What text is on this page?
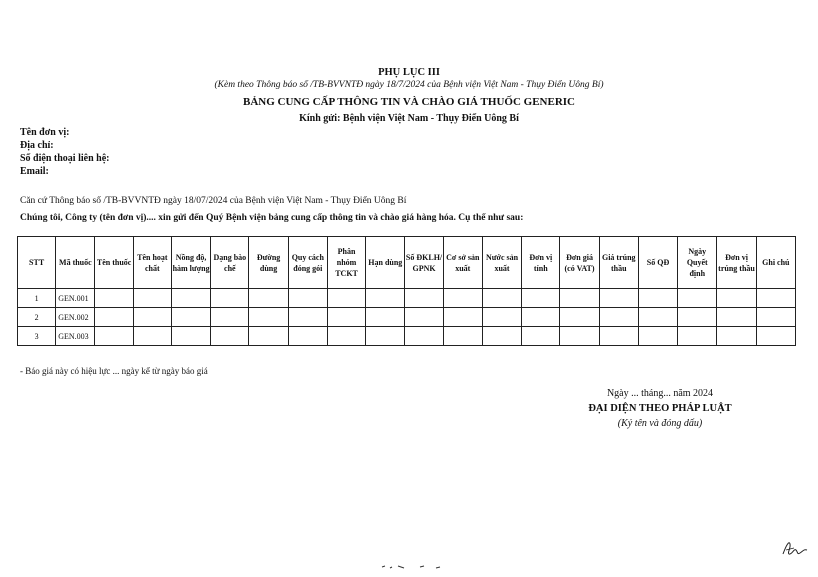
PHỤ LỤC III
(Kèm theo Thông báo số /TB-BVVNTĐ ngày 18/7/2024 của Bệnh viện Việt Nam - Thụy Điển Uông Bí)
BẢNG CUNG CẤP THÔNG TIN VÀ CHÀO GIÁ THUỐC GENERIC
Kính gửi: Bệnh viện Việt Nam - Thụy Điển Uông Bí
Tên đơn vị:
Địa chỉ:
Số điện thoại liên hệ:
Email:
Căn cứ Thông báo số /TB-BVVNTĐ ngày 18/07/2024 của Bệnh viện Việt Nam - Thụy Điển Uông Bí
Chúng tôi, Công ty (tên đơn vị).... xin gửi đến Quý Bệnh viện bảng cung cấp thông tin và chào giá hàng hóa. Cụ thể như sau:
STT	Mã thuốc	Tên thuốc	Tên hoạt chất	Nồng độ, hàm lượng	Dạng bào chế	Đường dùng	Quy cách đóng gói	Phân nhóm TCKT	Hạn dùng	Số ĐKLH/ GPNK	Cơ sở sản xuất	Nước sản xuất	Đơn vị tính	Đơn giá (có VAT)	Giá trúng thầu	Số QĐ	Ngày Quyết định	Đơn vị trúng thầu	Ghi chú
1	GEN.001																		
2	GEN.002																		
3	GEN.003																		
- Báo giá này có hiệu lực ... ngày kể từ ngày báo giá
Ngày ... tháng... năm 2024
ĐẠI DIỆN THEO PHÁP LUẬT
(Ký tên và đóng dấu)
